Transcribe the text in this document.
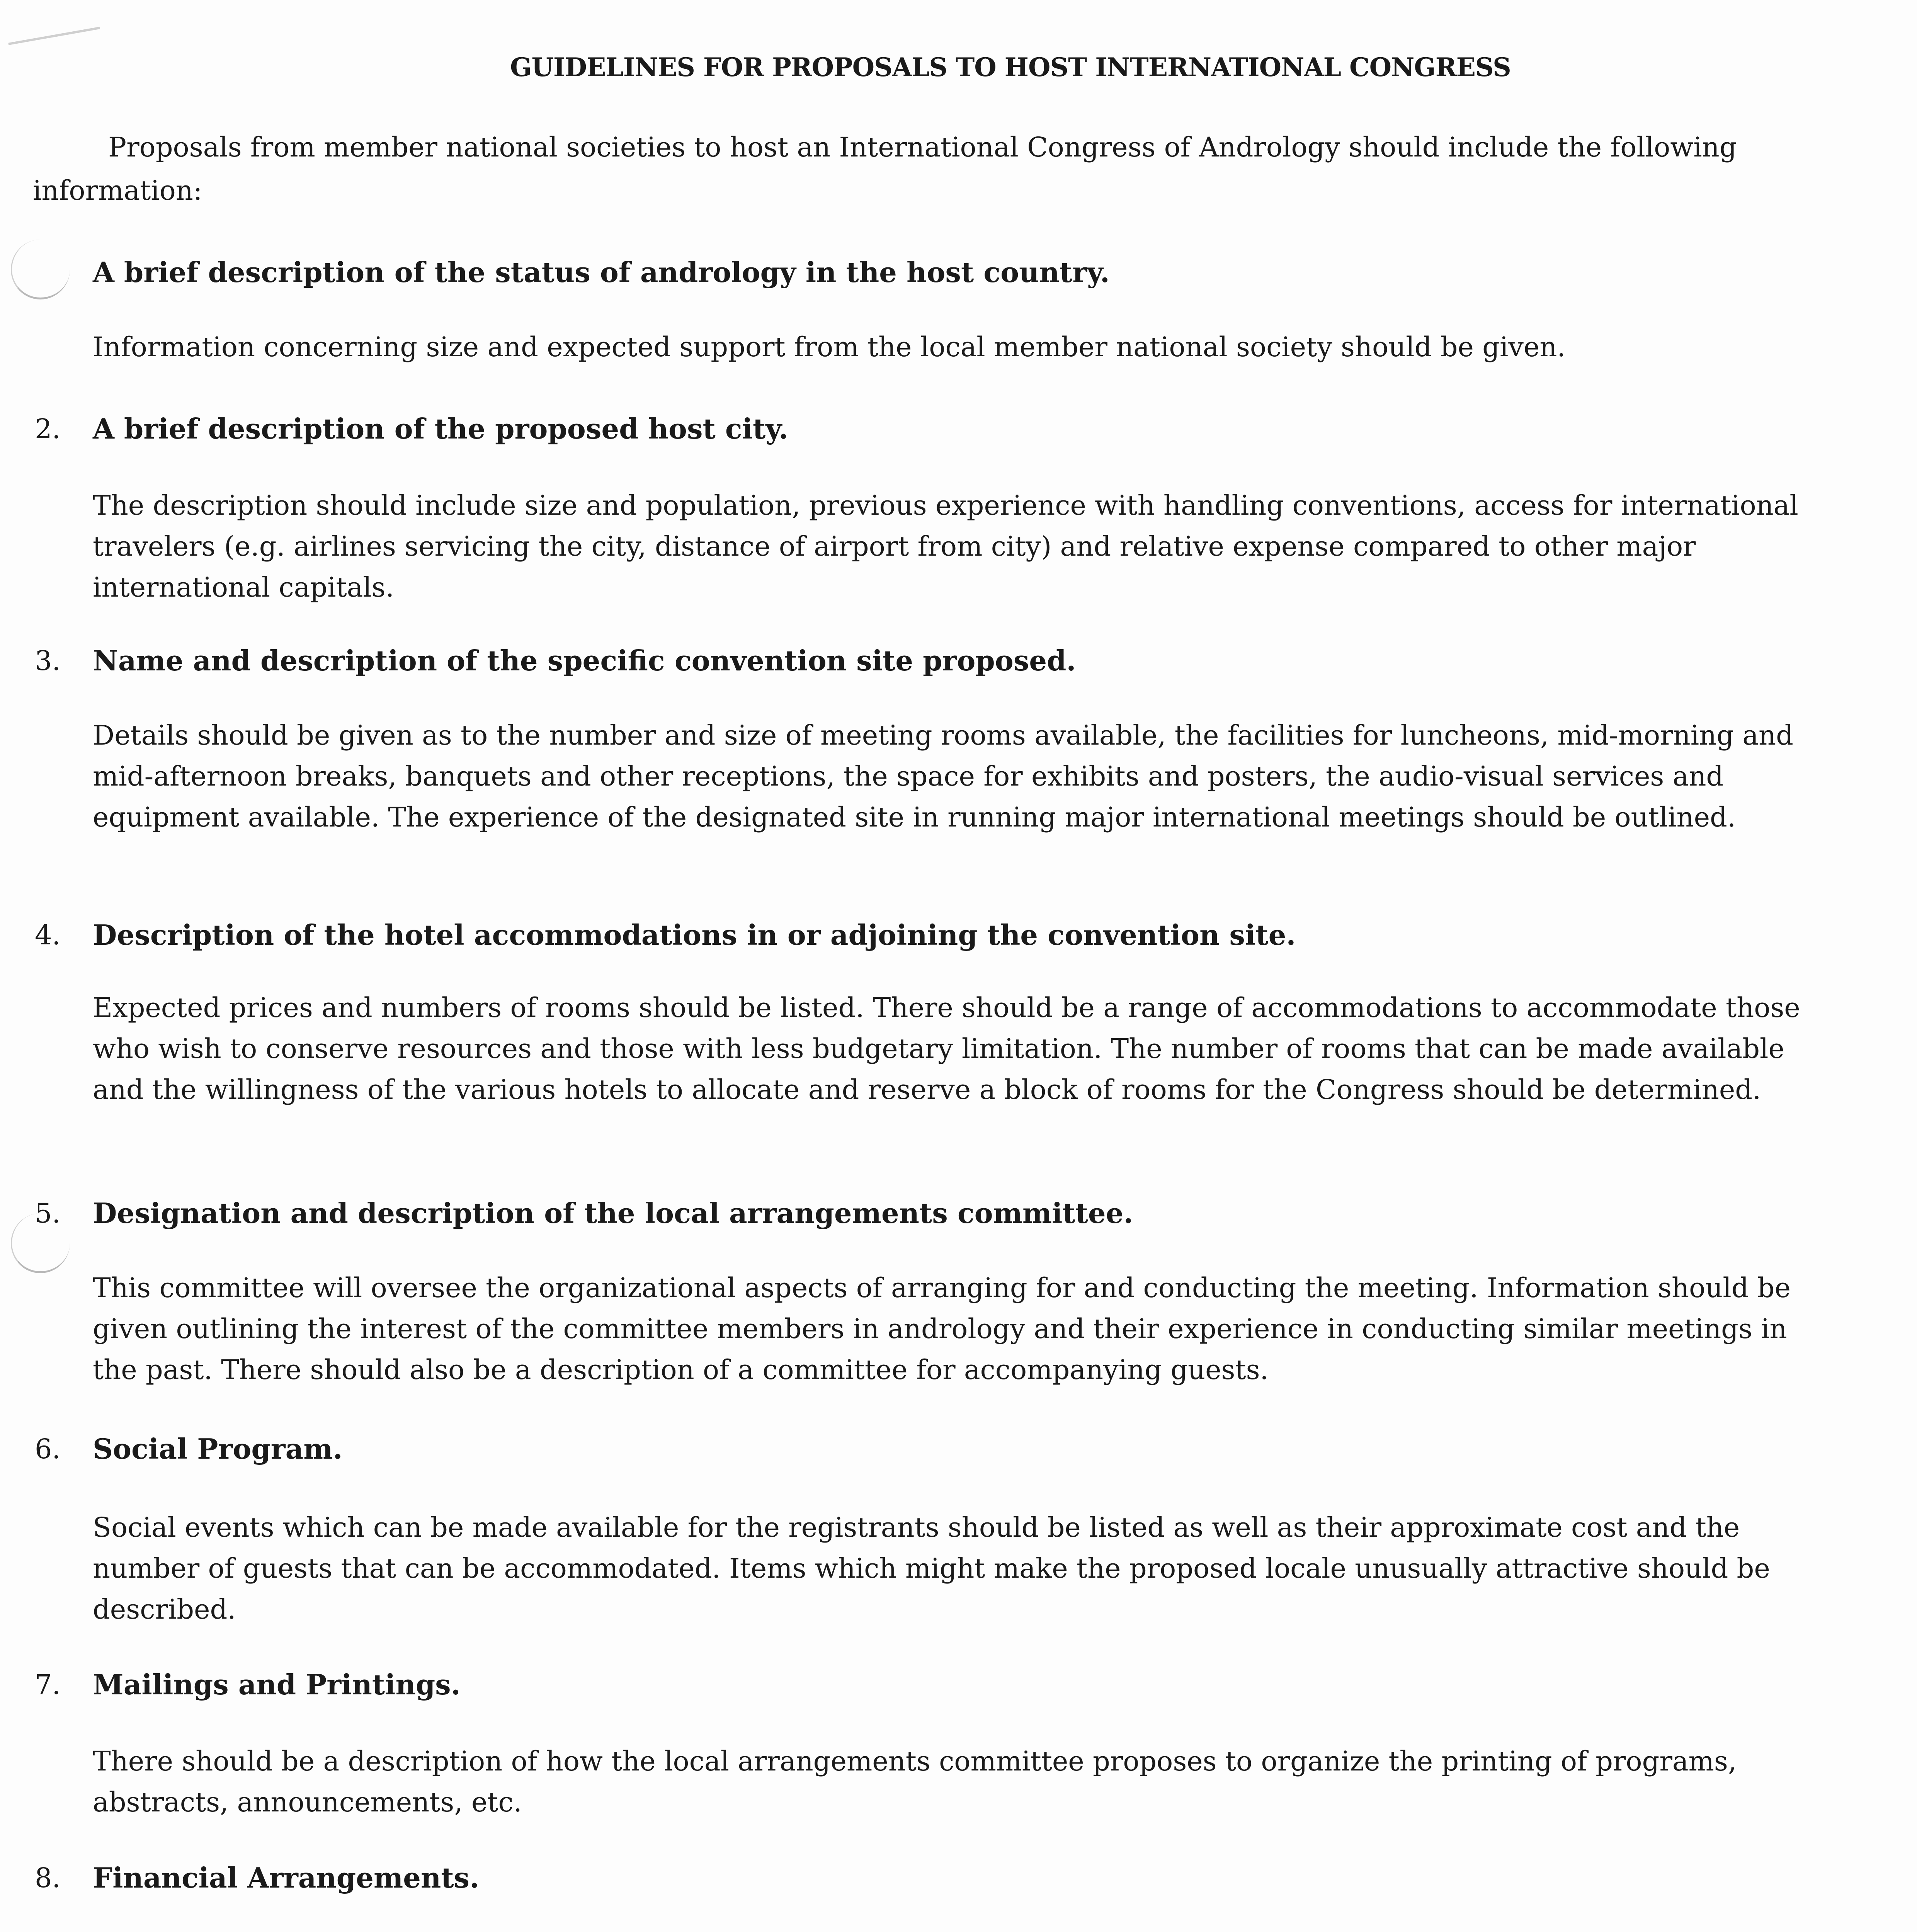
GUIDELINES FOR PROPOSALS TO HOST INTERNATIONAL CONGRESS

Proposals from member national societies to host an International Congress of Andrology should include the following information:

A brief description of the status of andrology in the host country.

Information concerning size and expected support from the local member national society should be given.

2.	A brief description of the proposed host city.

The description should include size and population, previous experience with handling conventions, access for international travelers (e.g. airlines servicing the city, distance of airport from city) and relative expense compared to other major international capitals.

3.	Name and description of the specific convention site proposed.

Details should be given as to the number and size of meeting rooms available, the facilities for luncheons, mid-morning and mid-afternoon breaks, banquets and other receptions, the space for exhibits and posters, the audio-visual services and equipment available. The experience of the designated site in running major international meetings should be outlined.

4.	Description of the hotel accommodations in or adjoining the convention site.

Expected prices and numbers of rooms should be listed. There should be a range of accommodations to accommodate those who wish to conserve resources and those with less budgetary limitation. The number of rooms that can be made available and the willingness of the various hotels to allocate and reserve a block of rooms for the Congress should be determined.

5.	Designation and description of the local arrangements committee.

This committee will oversee the organizational aspects of arranging for and conducting the meeting. Information should be given outlining the interest of the committee members in andrology and their experience in conducting similar meetings in the past. There should also be a description of a committee for accompanying guests.

6.	Social Program.

Social events which can be made available for the registrants should be listed as well as their approximate cost and the number of guests that can be accommodated. Items which might make the proposed locale unusually attractive should be described.

7.	Mailings and Printings.

There should be a description of how the local arrangements committee proposes to organize the printing of programs, abstracts, announcements, etc.

8.	Financial Arrangements.
